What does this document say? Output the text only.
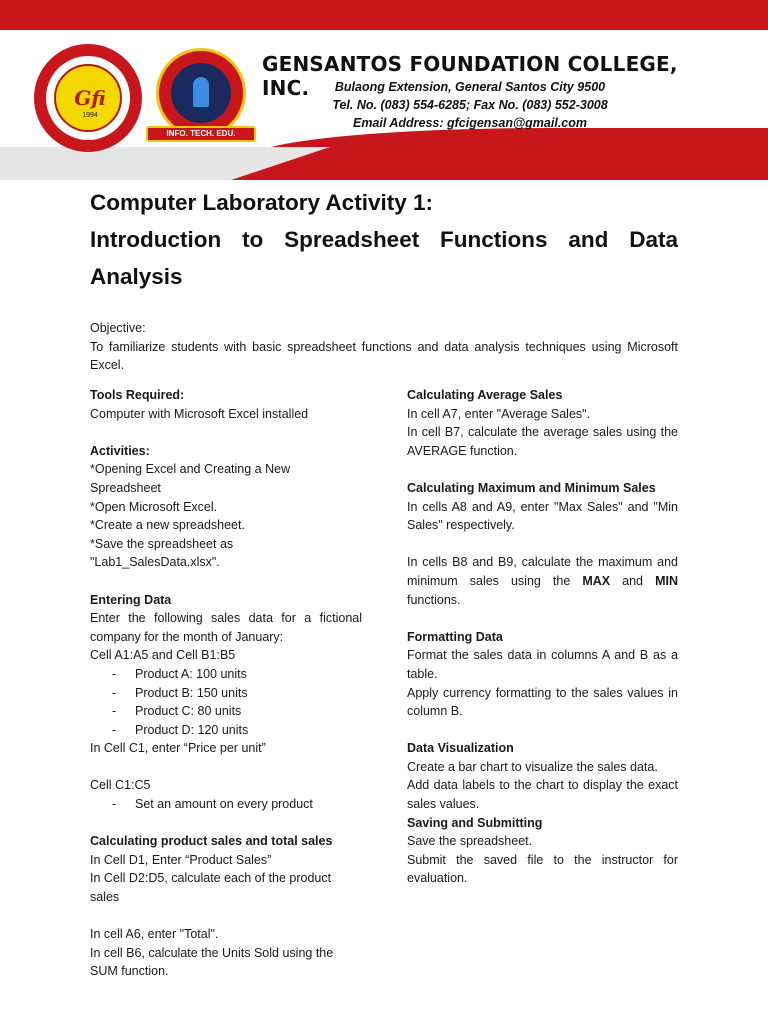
Gfi
1994
INFO. TECH. EDU.
GENSANTOS FOUNDATION COLLEGE, INC.	Bulaong Extension, General Santos City 9500
Tel. No. (083) 554-6285; Fax No. (083) 552-3008
Email Address: gfcigensan@gmail.com

Computer Laboratory Activity 1:

Introduction to Spreadsheet Functions and Data

Analysis

Objective:

To familiarize students with basic spreadsheet functions and data analysis techniques using Microsoft Excel.

Tools Required:

Computer with Microsoft Excel installed

Activities:

*Opening Excel and Creating a New Spreadsheet

*Open Microsoft Excel.

*Create a new spreadsheet.

*Save the spreadsheet as "Lab1_SalesData.xlsx".

Entering Data

Enter the following sales data for a fictional company for the month of January:

Cell A1:A5 and Cell B1:B5

-	Product A: 100 units
-	Product B: 150 units
-	Product C: 80 units
-	Product D: 120 units

In Cell C1, enter “Price per unit”

Cell C1:C5

-	Set an amount on every product

Calculating product sales and total sales

In Cell D1, Enter “Product Sales”

In Cell D2:D5, calculate each of the product sales

In cell A6, enter "Total".

In cell B6, calculate the Units Sold using the SUM function.

Calculating Average Sales

In cell A7, enter "Average Sales".

In cell B7, calculate the average sales using the AVERAGE function.

Calculating Maximum and Minimum Sales

In cells A8 and A9, enter "Max Sales" and "Min Sales" respectively.

In cells B8 and B9, calculate the maximum and minimum sales using the MAX and MIN functions.

Formatting Data

Format the sales data in columns A and B as a table.

Apply currency formatting to the sales values in column B.

Data Visualization

Create a bar chart to visualize the sales data.

Add data labels to the chart to display the exact sales values.

Saving and Submitting

Save the spreadsheet.

Submit the saved file to the instructor for evaluation.
